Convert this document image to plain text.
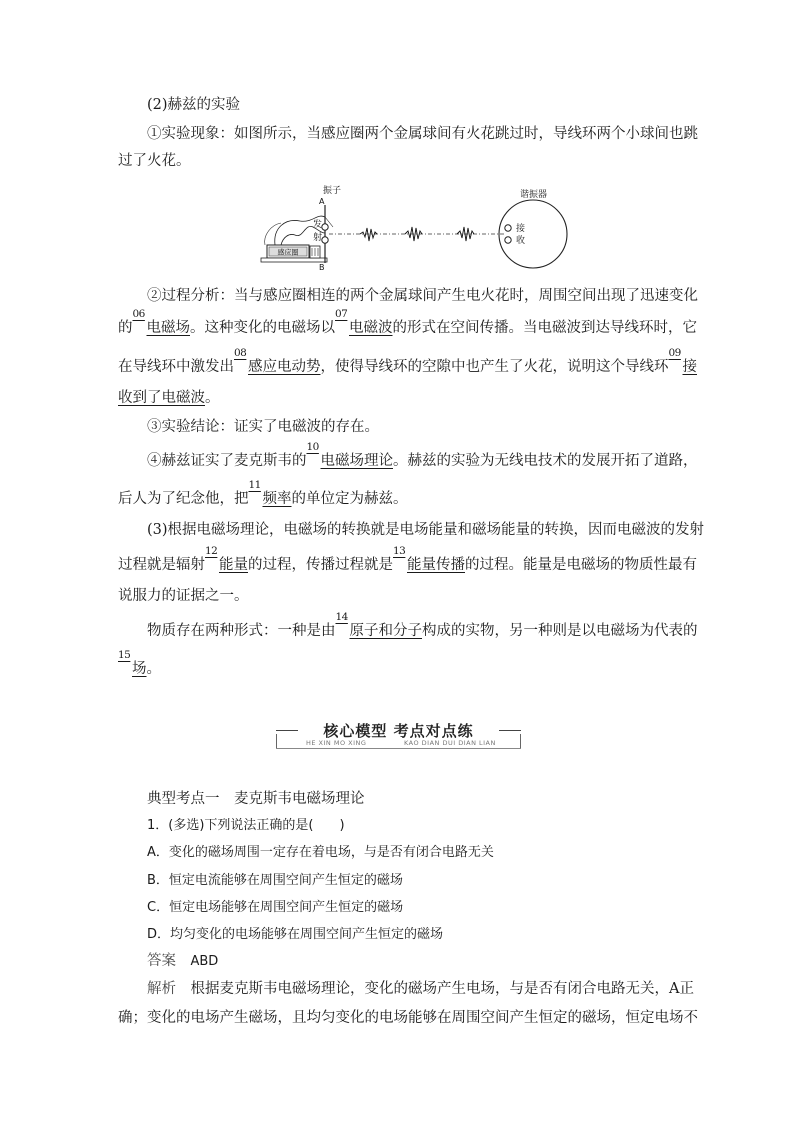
(2)赫兹的实验
①实验现象：如图所示，当感应圈两个金属球间有火花跳过时，导线环两个小球间也跳
过了火花。
感应圈
振子
A
B
发
射
谐振器
接
收
②过程分析：当与感应圈相连的两个金属球间产生电火花时，周围空间出现了迅速变化
的
06
电磁场。这种变化的电磁场以
07
电磁波的形式在空间传播。当电磁波到达导线环时，它
在导线环中激发出
08
感应电动势，使得导线环的空隙中也产生了火花，说明这个导线环
09
接
收到了电磁波。
③实验结论：证实了电磁波的存在。
④赫兹证实了麦克斯韦的
10
电磁场理论。赫兹的实验为无线电技术的发展开拓了道路，
后人为了纪念他，把
11
频率的单位定为赫兹。
(3)根据电磁场理论，电磁场的转换就是电场能量和磁场能量的转换，因而电磁波的发射
过程就是辐射
12
能量的过程，传播过程就是
13
能量传播的过程。能量是电磁场的物质性最有
说服力的证据之一。
物质存在两种形式：一种是由
14
原子和分子构成的实物，另一种则是以电磁场为代表的
15
场。
核心模型 考点对点练
HE XIN MO XING	KAO DIAN DUI DIAN LIAN
典型考点一　麦克斯韦电磁场理论
1．(多选)下列说法正确的是(　　)
A．变化的磁场周围一定存在着电场，与是否有闭合电路无关
B．恒定电流能够在周围空间产生恒定的磁场
C．恒定电场能够在周围空间产生恒定的磁场
D．均匀变化的电场能够在周围空间产生恒定的磁场
答案　 ABD
解析　 根据麦克斯韦电磁场理论，变化的磁场产生电场，与是否有闭合电路无关，A正
确；变化的电场产生磁场，且均匀变化的电场能够在周围空间产生恒定的磁场，恒定电场不
